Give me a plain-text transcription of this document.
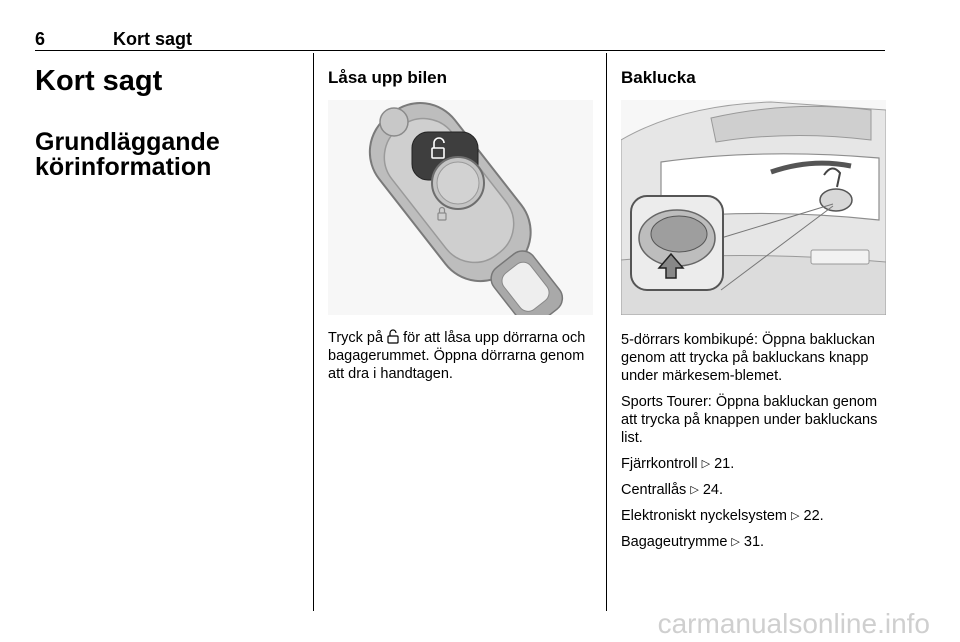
6	Kort sagt
Kort sagt
Grundläggande körinformation
Låsa upp bilen

Tryck på för att låsa upp dörrarna och bagagerummet. Öppna dörrarna genom att dra i handtagen.

Baklucka

5-dörrars kombikupé: Öppna bakluckan genom att trycka på bakluckans knapp under märkesem-blemet.

Sports Tourer: Öppna bakluckan genom att trycka på knappen under bakluckans list.

Fjärrkontroll ▷ 21.

Centrallås ▷ 24.

Elektroniskt nyckelsystem ▷ 22.

Bagageutrymme ▷ 31.

carmanualsonline.info
